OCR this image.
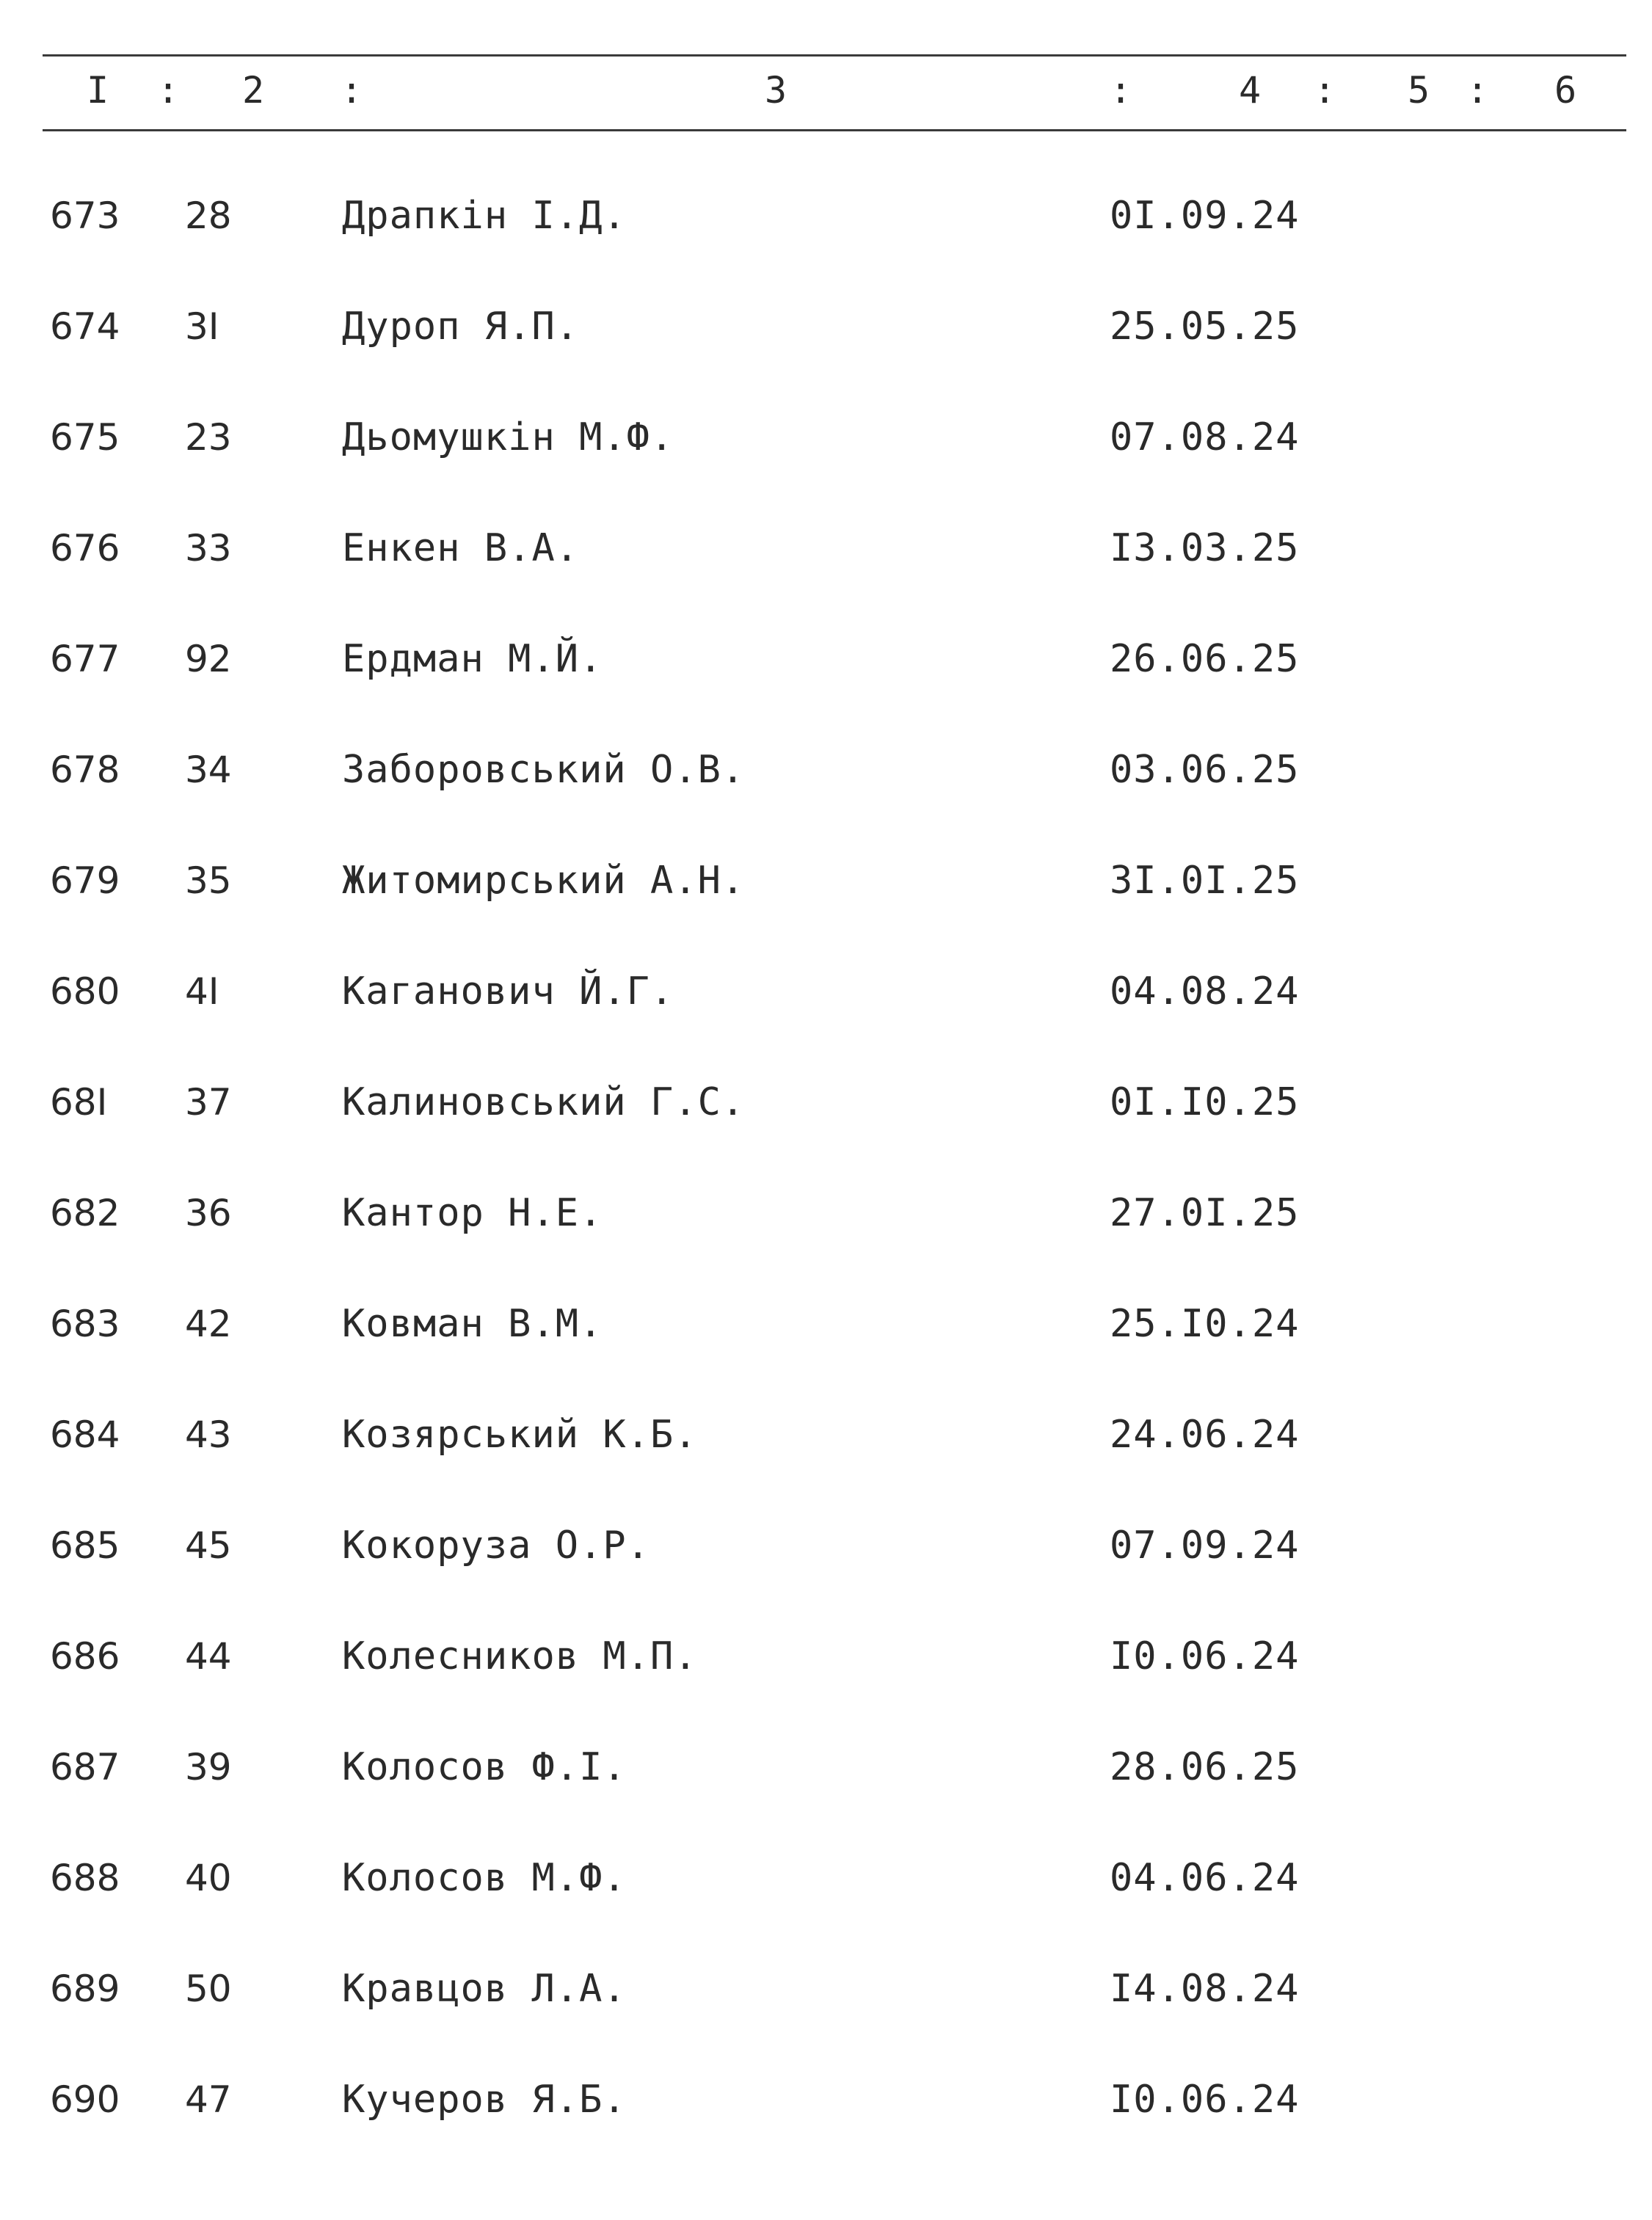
I : 2 :	3	:	4 : 5 : 6
673 28	Драпкін I.Д.	0I.09.24
674 3I	Дуроп Я.П.	25.05.25
675 23	Дьомушкін М.Ф.	07.08.24
676 33	Енкен В.А.	I3.03.25
677 92	Ердман М.Й.	26.06.25
678 34	Заборовський О.В.	03.06.25
679 35	Житомирський А.Н.	3I.0I.25
680 4I	Каганович Й.Г.	04.08.24
68I 37	Калиновський Г.С.	0I.I0.25
682 36	Кантор Н.Е.	27.0I.25
683 42	Ковман В.М.	25.I0.24
684 43	Козярський К.Б.	24.06.24
685 45	Кокоруза О.Р.	07.09.24
686 44	Колесников М.П.	I0.06.24
687 39	Колосов Ф.I.	28.06.25
688 40	Колосов М.Ф.	04.06.24
689 50	Кравцов Л.А.	I4.08.24
690 47	Кучеров Я.Б.	I0.06.24
